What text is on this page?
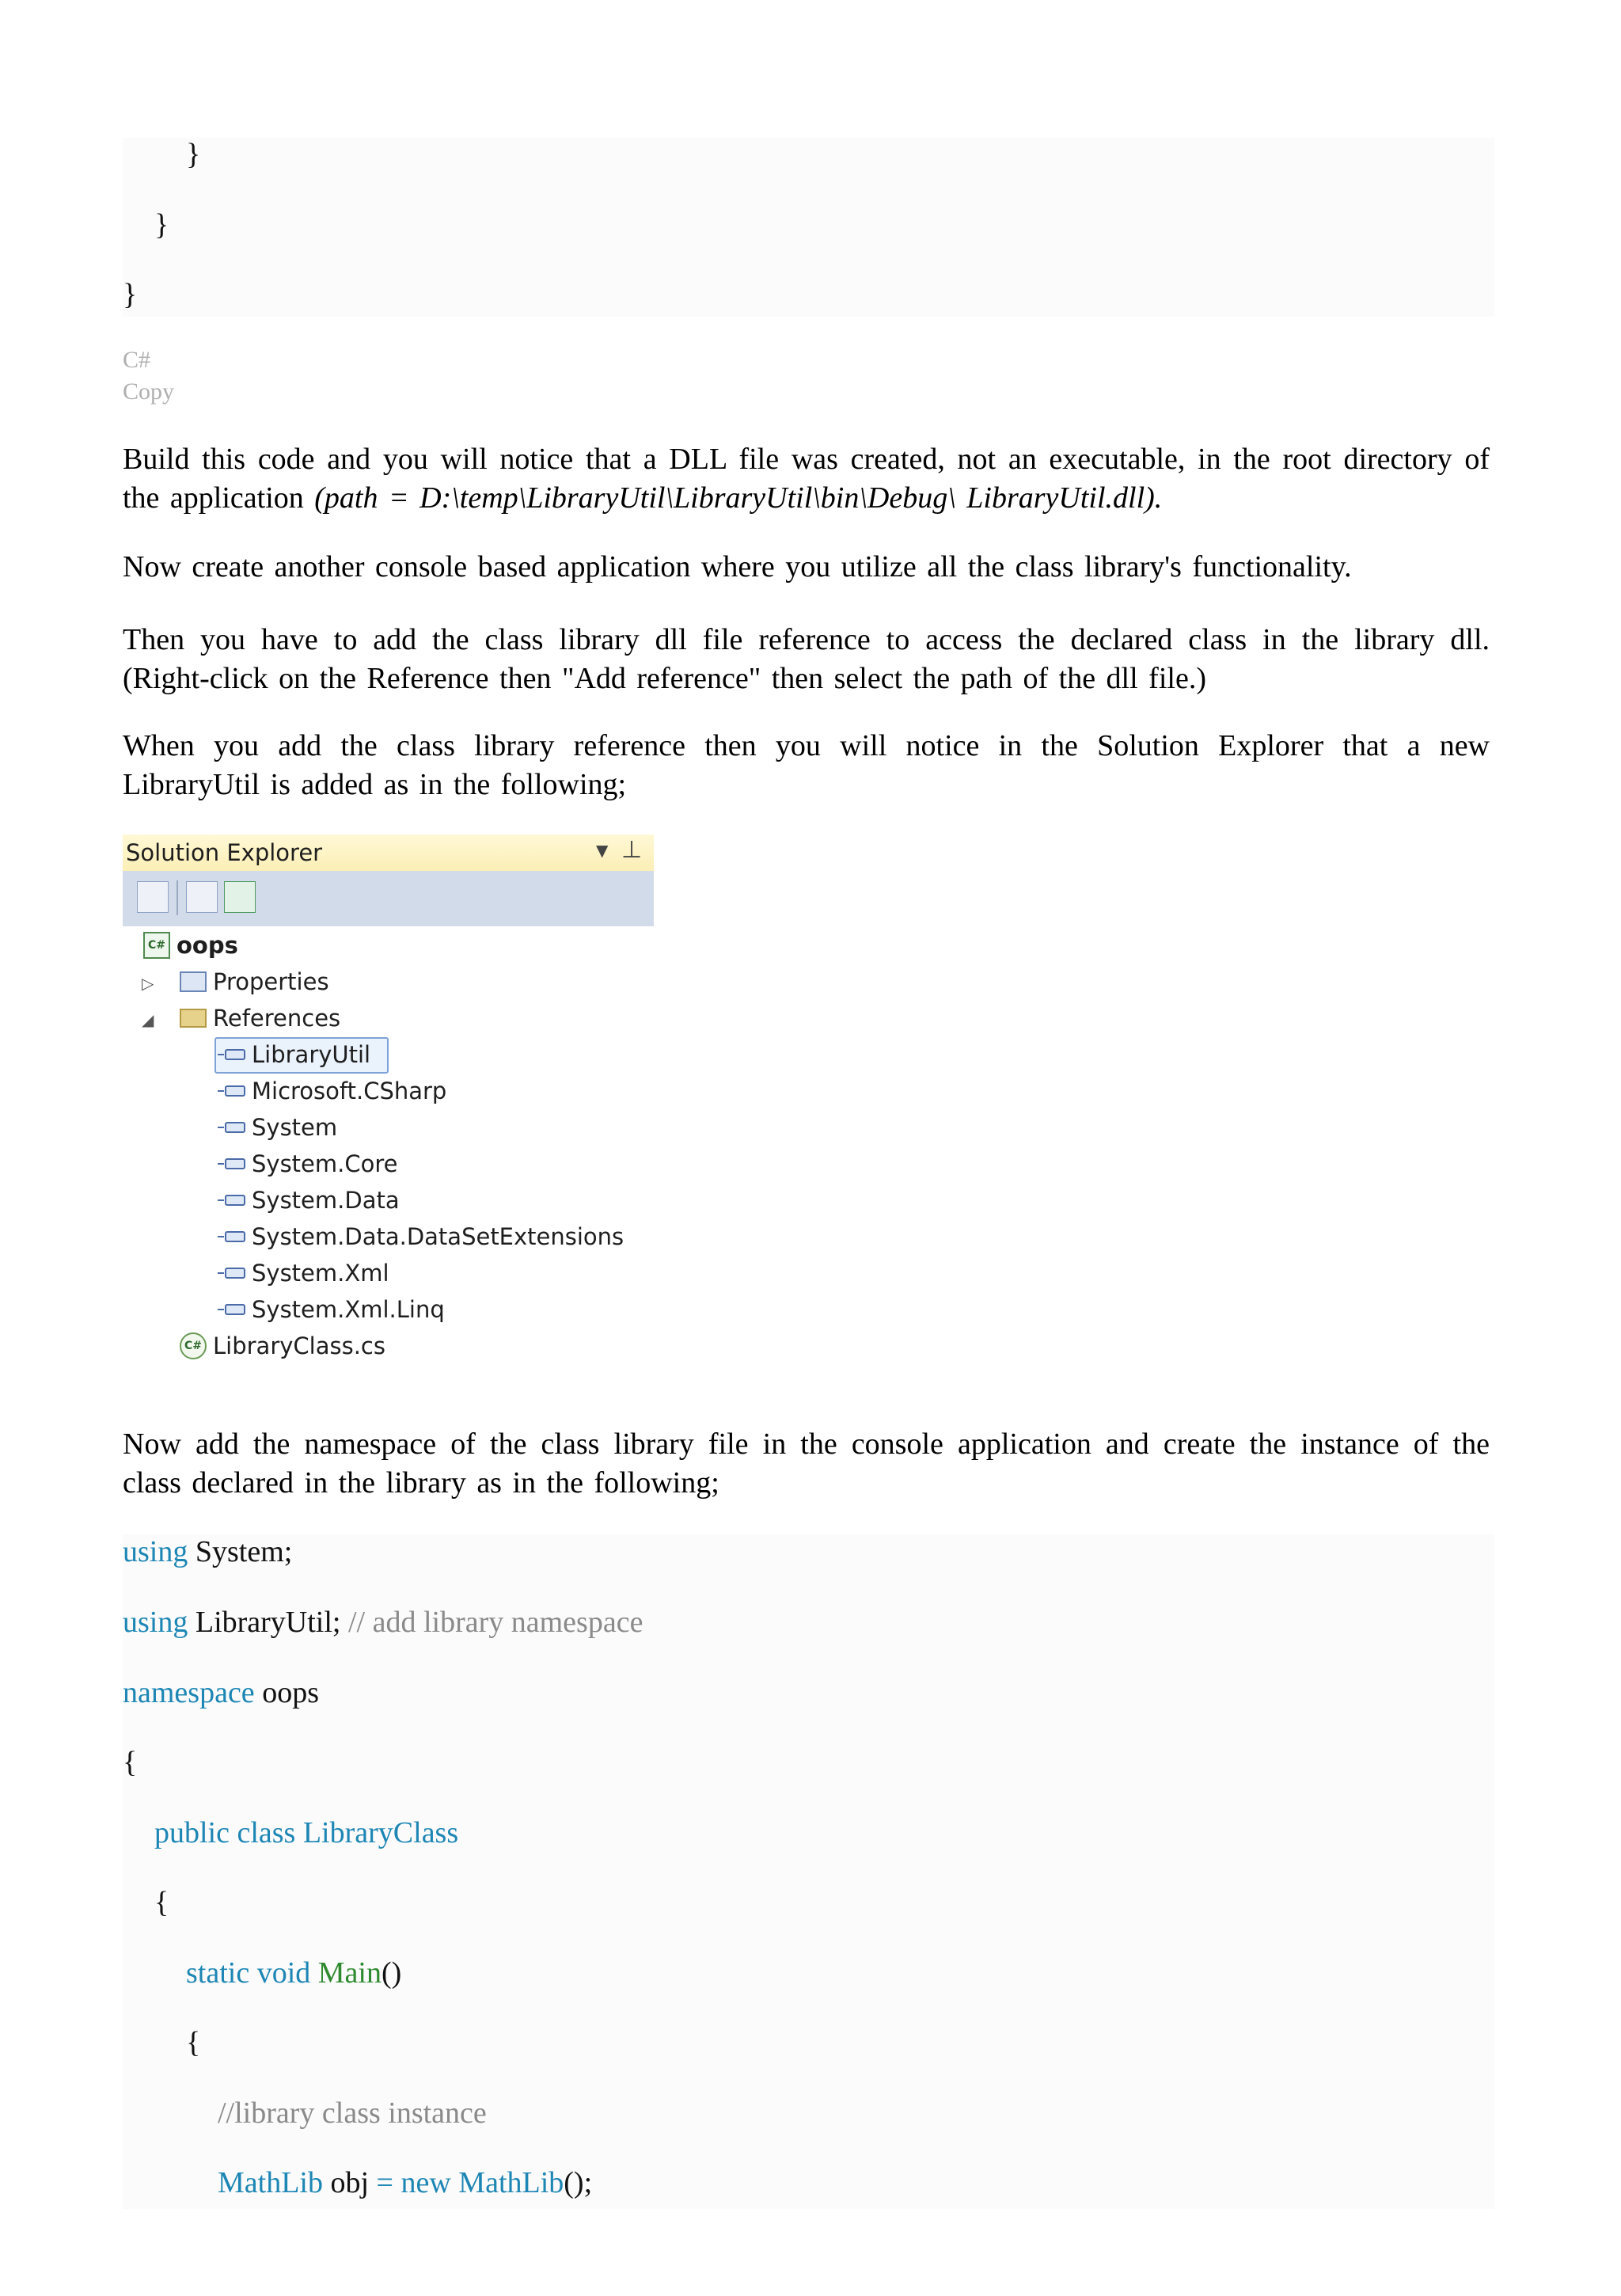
}
}
}
C#
Copy
Build this code and you will notice that a DLL file was created, not an executable, in the root directory of the application (path = D:\temp\LibraryUtil\LibraryUtil\bin\Debug\ LibraryUtil.dll).
Now create another console based application where you utilize all the class library's functionality.
Then you have to add the class library dll file reference to access the declared class in the library dll. (Right-click on the Reference then "Add reference" then select the path of the dll file.)
When you add the class library reference then you will notice in the Solution Explorer that a new LibraryUtil is added as in the following;
Solution Explorer	▼ ⊥
C# oops
▷	Properties
◢	References
LibraryUtil
Microsoft.CSharp
System
System.Core
System.Data
System.Data.DataSetExtensions
System.Xml
System.Xml.Linq
C# LibraryClass.cs
Now add the namespace of the class library file in the console application and create the instance of the class declared in the library as in the following;
using System;
using LibraryUtil; // add library namespace
namespace oops
{
public class LibraryClass
{
static void Main()
{
//library class instance
MathLib obj = new MathLib();
